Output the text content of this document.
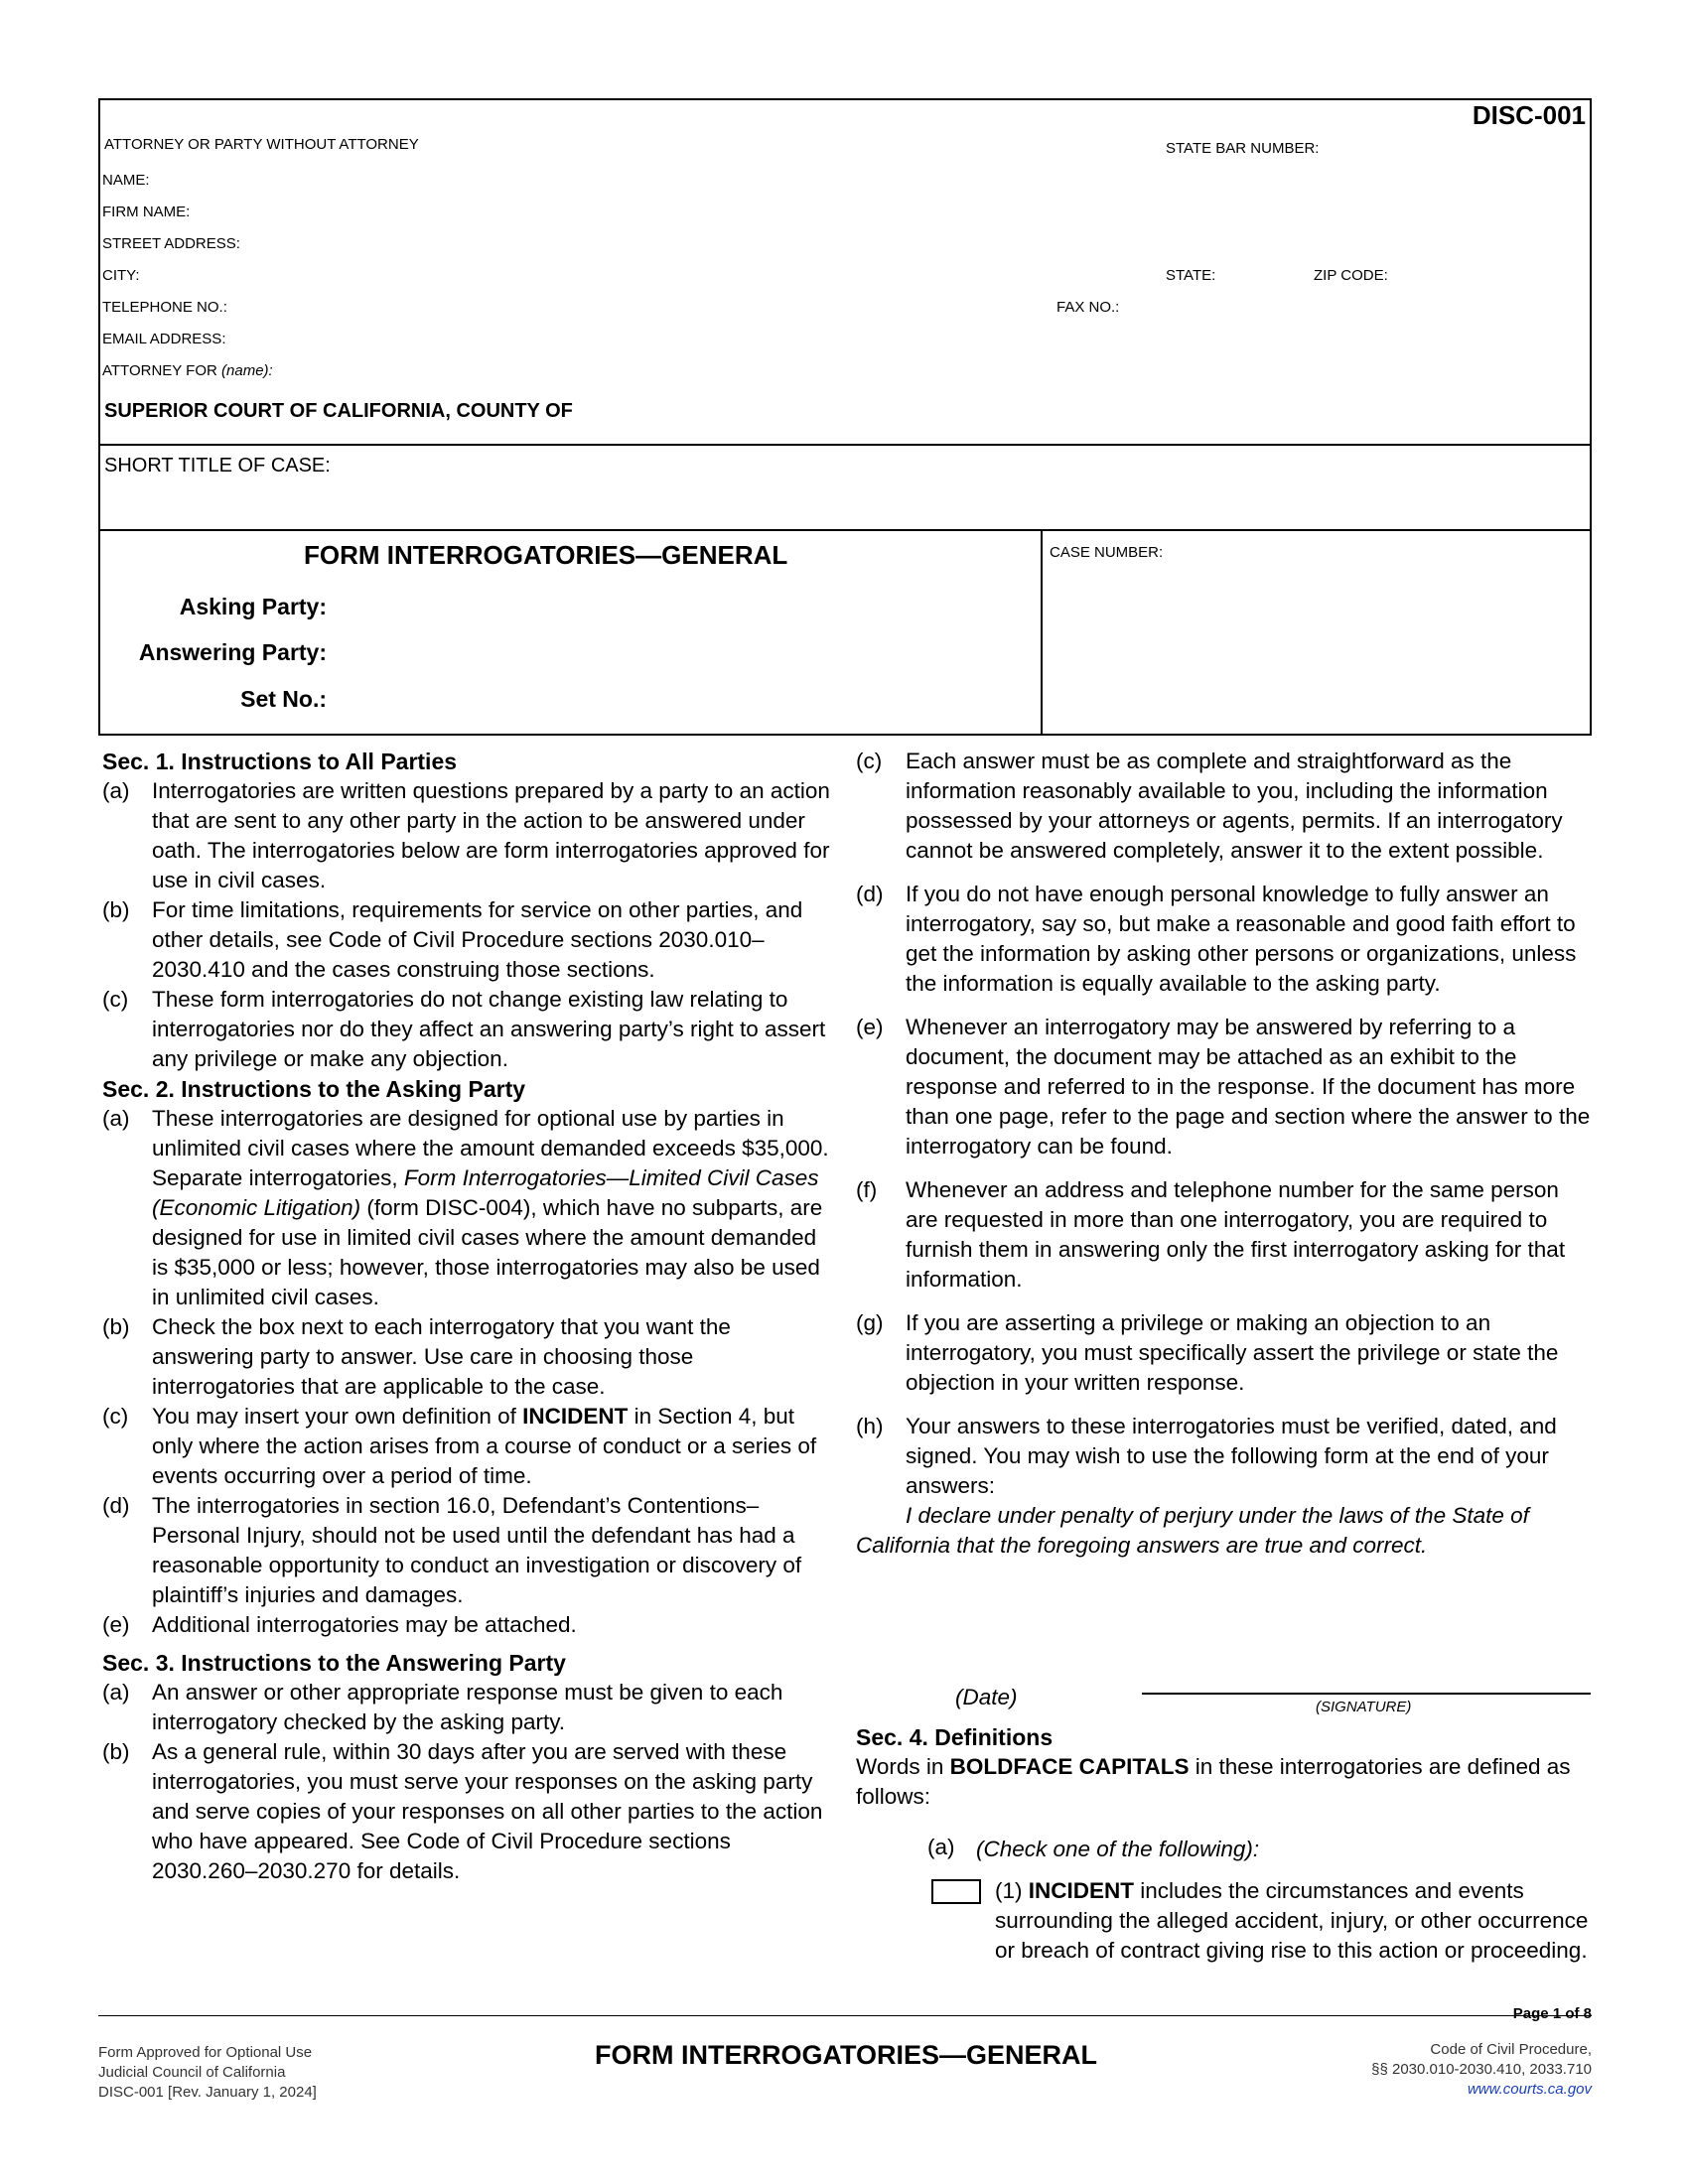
DISC-001
ATTORNEY OR PARTY WITHOUT ATTORNEY	STATE BAR NUMBER:
NAME:
FIRM NAME:
STREET ADDRESS:
CITY:	STATE:	ZIP CODE:
TELEPHONE NO.:	FAX NO.:
EMAIL ADDRESS:
ATTORNEY FOR (name):
SUPERIOR COURT OF CALIFORNIA, COUNTY OF
SHORT TITLE OF CASE:
FORM INTERROGATORIES—GENERAL	CASE NUMBER:
Asking Party:
Answering Party:
Set No.:

Sec. 1. Instructions to All Parties

(a) Interrogatories are written questions prepared by a party to an action that are sent to any other party in the action to be answered under oath. The interrogatories below are form interrogatories approved for use in civil cases.

(b) For time limitations, requirements for service on other parties, and other details, see Code of Civil Procedure sections 2030.010–2030.410 and the cases construing those sections.

(c) These form interrogatories do not change existing law relating to interrogatories nor do they affect an answering party’s right to assert any privilege or make any objection.

Sec. 2. Instructions to the Asking Party

(a) These interrogatories are designed for optional use by parties in unlimited civil cases where the amount demanded exceeds $35,000. Separate interrogatories, Form Interrogatories—Limited Civil Cases (Economic Litigation) (form DISC-004), which have no subparts, are designed for use in limited civil cases where the amount demanded is $35,000 or less; however, those interrogatories may also be used in unlimited civil cases.

(b) Check the box next to each interrogatory that you want the answering party to answer. Use care in choosing those interrogatories that are applicable to the case.

(c) You may insert your own definition of INCIDENT in Section 4, but only where the action arises from a course of conduct or a series of events occurring over a period of time.

(d) The interrogatories in section 16.0, Defendant’s Contentions–Personal Injury, should not be used until the defendant has had a reasonable opportunity to conduct an investigation or discovery of plaintiff’s injuries and damages.

(e) Additional interrogatories may be attached.

Sec. 3. Instructions to the Answering Party

(a) An answer or other appropriate response must be given to each interrogatory checked by the asking party.

(b) As a general rule, within 30 days after you are served with these interrogatories, you must serve your responses on the asking party and serve copies of your responses on all other parties to the action who have appeared. See Code of Civil Procedure sections 2030.260–2030.270 for details.

(c) Each answer must be as complete and straightforward as the information reasonably available to you, including the information possessed by your attorneys or agents, permits. If an interrogatory cannot be answered completely, answer it to the extent possible.

(d) If you do not have enough personal knowledge to fully answer an interrogatory, say so, but make a reasonable and good faith effort to get the information by asking other persons or organizations, unless the information is equally available to the asking party.

(e) Whenever an interrogatory may be answered by referring to a document, the document may be attached as an exhibit to the response and referred to in the response. If the document has more than one page, refer to the page and section where the answer to the interrogatory can be found.

(f) Whenever an address and telephone number for the same person are requested in more than one interrogatory, you are required to furnish them in answering only the first interrogatory asking for that information.

(g) If you are asserting a privilege or making an objection to an interrogatory, you must specifically assert the privilege or state the objection in your written response.

(h) Your answers to these interrogatories must be verified, dated, and signed. You may wish to use the following form at the end of your answers:

I declare under penalty of perjury under the laws of the State of California that the foregoing answers are true and correct.

(Date)	(SIGNATURE)

Sec. 4. Definitions

Words in BOLDFACE CAPITALS in these interrogatories are defined as follows:

(a) (Check one of the following):

(1) INCIDENT includes the circumstances and events surrounding the alleged accident, injury, or other occurrence or breach of contract giving rise to this action or proceeding.

Page 1 of 8
Form Approved for Optional Use
Judicial Council of California
DISC-001 [Rev. January 1, 2024]
FORM INTERROGATORIES—GENERAL	Code of Civil Procedure,
§§ 2030.010-2030.410, 2033.710
www.courts.ca.gov
